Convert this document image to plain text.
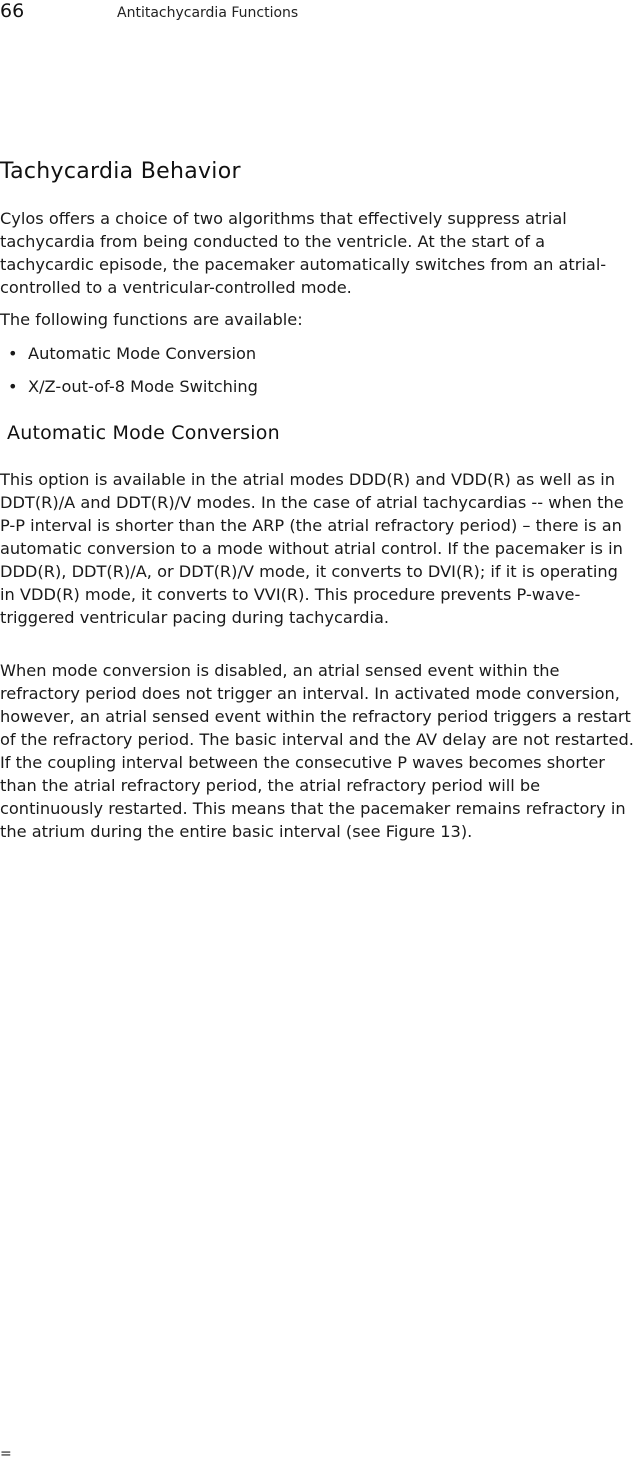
66	Antitachycardia Functions
Tachycardia Behavior

Cylos offers a choice of two algorithms that effectively suppress atrial tachycardia from being conducted to the ventricle. At the start of a tachycardic episode, the pacemaker automatically switches from an atrial-controlled to a ventricular-controlled mode.

The following functions are available:

• Automatic Mode Conversion
• X/Z-out-of-8 Mode Switching
Automatic Mode Conversion

This option is available in the atrial modes DDD(R) and VDD(R) as well as in DDT(R)/A and DDT(R)/V modes. In the case of atrial tachycardias -- when the P-P interval is shorter than the ARP (the atrial refractory period) – there is an automatic conversion to a mode without atrial control. If the pacemaker is in DDD(R), DDT(R)/A, or DDT(R)/V mode, it converts to DVI(R); if it is operating in VDD(R) mode, it converts to VVI(R). This procedure prevents P-wave-triggered ventricular pacing during tachycardia.

When mode conversion is disabled, an atrial sensed event within the refractory period does not trigger an interval. In activated mode conversion, however, an atrial sensed event within the refractory period triggers a restart of the refractory period. The basic interval and the AV delay are not restarted. If the coupling interval between the consecutive P waves becomes shorter than the atrial refractory period, the atrial refractory period will be continuously restarted. This means that the pacemaker remains refractory in the atrium during the entire basic interval (see Figure 13).

=
